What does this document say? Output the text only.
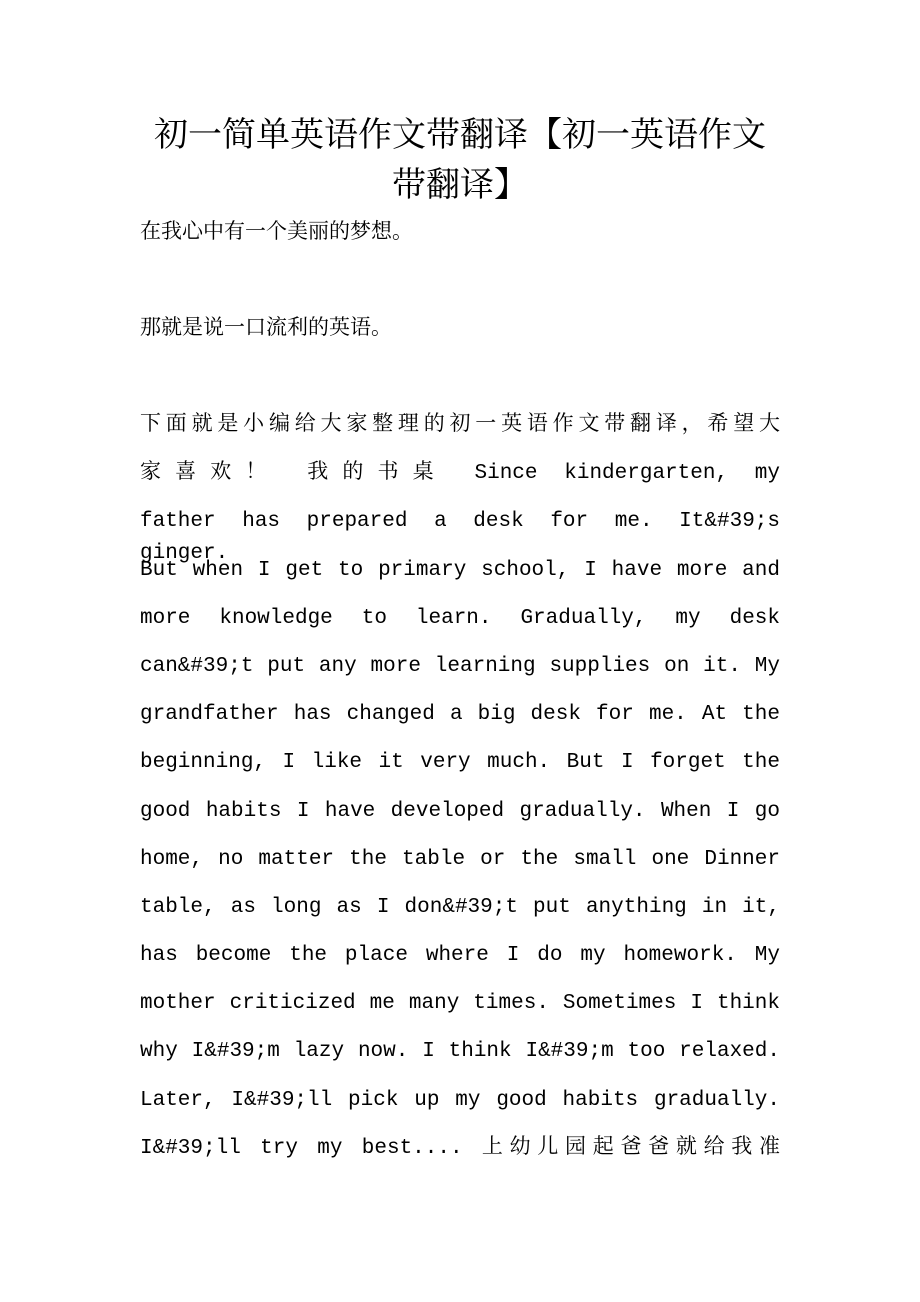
初一简单英语作文带翻译【初一英语作文带翻译】

在我心中有一个美丽的梦想。

那就是说一口流利的英语。

下面就是小编给大家整理的初一英语作文带翻译，希望大
家喜欢！ 我的书桌 Since kindergarten, my
father has prepared a desk for me. It&#39;s ginger.
But when I get to primary school, I have more and
more knowledge to learn. Gradually, my desk
can&#39;t put any more learning supplies on it. My
grandfather has changed a big desk for me. At the
beginning, I like it very much. But I forget the
good habits I have developed gradually. When I go
home, no matter the table or the small one Dinner
table, as long as I don&#39;t put anything in it,
has become the place where I do my homework. My
mother criticized me many times. Sometimes I think
why I&#39;m lazy now. I think I&#39;m too relaxed.
Later, I&#39;ll pick up my good habits gradually.
I&#39;ll try my best.... 上幼儿园起爸爸就给我准
